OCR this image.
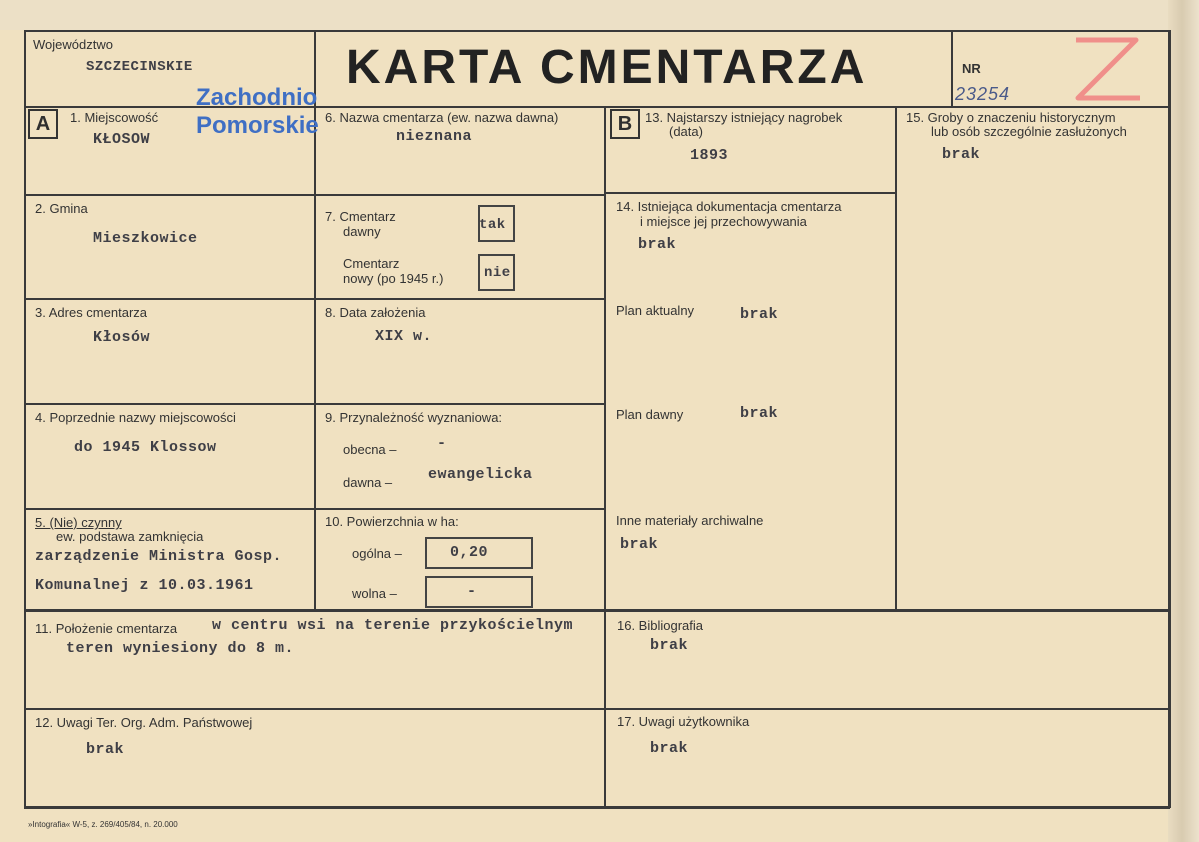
Województwo
SZCZECINSKIE
Zachodnio
Pomorskie
KARTA CMENTARZA	NR
23254
A	1. Miejscowość
KŁOSOW
6. Nazwa cmentarza (ew. nazwa dawna)
nieznana
2. Gmina
Mieszkowice
7. Cmentarz
dawny	tak
Cmentarz
nowy (po 1945 r.)	nie
3. Adres cmentarza
Kłosów
8. Data założenia
XIX w.
4. Poprzednie nazwy miejscowości
do 1945 Klossow
9. Przynależność wyznaniowa:
obecna –	-
dawna – ewangelicka
5. (Nie) czynny
ew. podstawa zamknięcia
zarządzenie Ministra Gosp.
Komunalnej z 10.03.1961
10. Powierzchnia w ha:
ogólna –	0,20
wolna –	-
11. Położenie cmentarza w centru wsi na terenie przykościelnym
teren wyniesiony do 8 m.
12. Uwagi Ter. Org. Adm. Państwowej
brak
B 13. Najstarszy istniejący nagrobek
(data)
1893
14. Istniejąca dokumentacja cmentarza
i miejsce jej przechowywania
brak
Plan aktualny	brak
Plan dawny	brak
Inne materiały archiwalne
brak
15. Groby o znaczeniu historycznym
lub osób szczególnie zasłużonych
brak
16. Bibliografia
brak
17. Uwagi użytkownika
brak
»Intografia« W-5, z. 269/405/84, n. 20.000
